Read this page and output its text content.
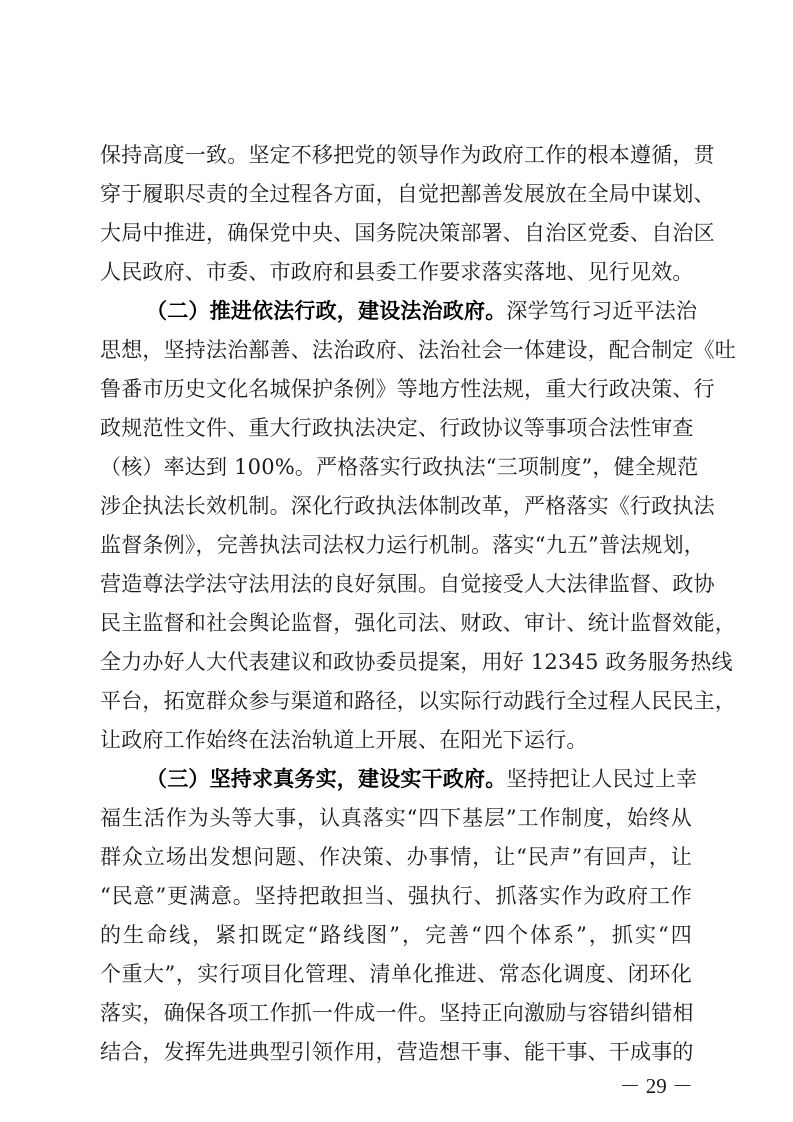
保持高度一致。坚定不移把党的领导作为政府工作的根本遵循，贯
穿于履职尽责的全过程各方面，自觉把鄯善发展放在全局中谋划、
大局中推进，确保党中央、国务院决策部署、自治区党委、自治区
人民政府、市委、市政府和县委工作要求落实落地、见行见效。
（二）推进依法行政，建设法治政府。深学笃行习近平法治
思想，坚持法治鄯善、法治政府、法治社会一体建设，配合制定《吐
鲁番市历史文化名城保护条例》等地方性法规，重大行政决策、行
政规范性文件、重大行政执法决定、行政协议等事项合法性审查
（核）率达到 100%。严格落实行政执法“三项制度”，健全规范
涉企执法长效机制。深化行政执法体制改革，严格落实《行政执法
监督条例》，完善执法司法权力运行机制。落实“九五”普法规划，
营造尊法学法守法用法的良好氛围。自觉接受人大法律监督、政协
民主监督和社会舆论监督，强化司法、财政、审计、统计监督效能，
全力办好人大代表建议和政协委员提案，用好 12345 政务服务热线
平台，拓宽群众参与渠道和路径，以实际行动践行全过程人民民主，
让政府工作始终在法治轨道上开展、在阳光下运行。
（三）坚持求真务实，建设实干政府。坚持把让人民过上幸
福生活作为头等大事，认真落实“四下基层”工作制度，始终从
群众立场出发想问题、作决策、办事情，让“民声”有回声，让
“民意”更满意。坚持把敢担当、强执行、抓落实作为政府工作
的生命线，紧扣既定“路线图”，完善“四个体系”，抓实“四
个重大”，实行项目化管理、清单化推进、常态化调度、闭环化
落实，确保各项工作抓一件成一件。坚持正向激励与容错纠错相
结合，发挥先进典型引领作用，营造想干事、能干事、干成事的
－ 29 －
